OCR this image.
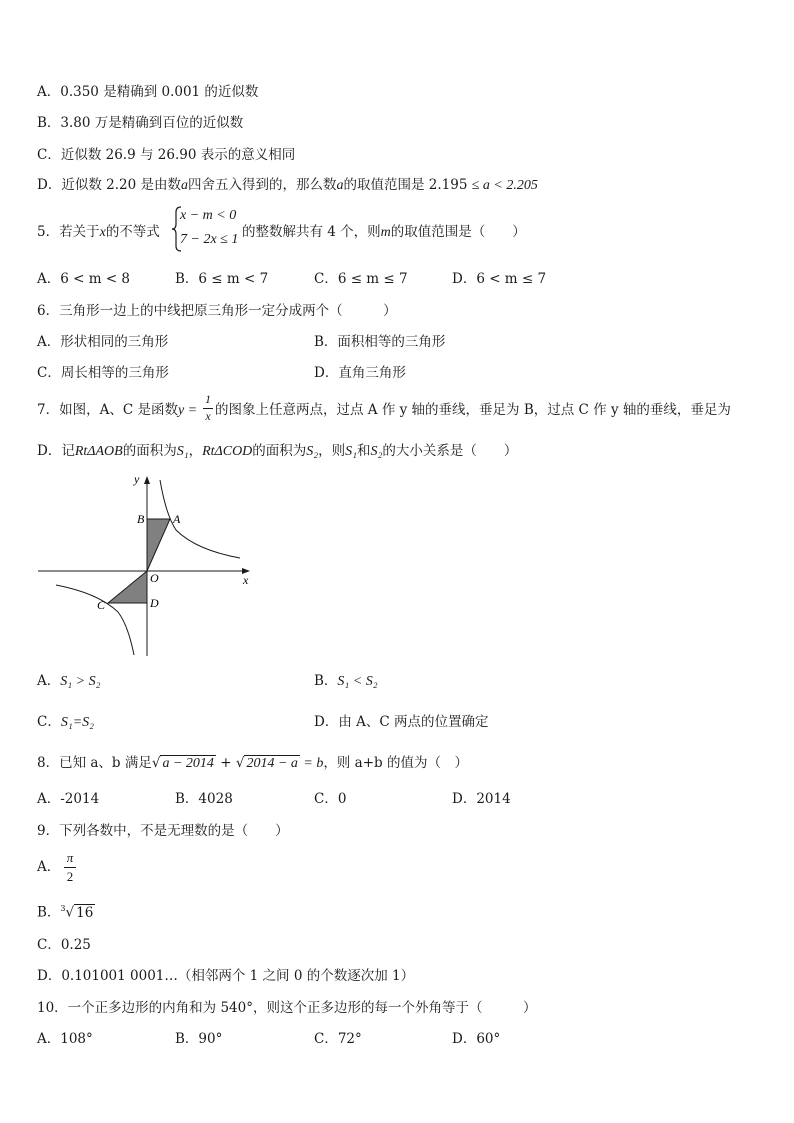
A．0.350 是精确到 0.001 的近似数
B．3.80 万是精确到百位的近似数
C．近似数 26.9 与 26.90 表示的意义相同
D．近似数 2.20 是由数a四舍五入得到的，那么数a的取值范围是 2.195 ≤ a < 2.205
5．若关于x的不等式
x − m < 0
7 − 2x ≤ 1 的整数解共有 4 个，则m的取值范围是（　　）
A．6 < m < 8	B．6 ≤ m < 7	C．6 ≤ m ≤ 7	D．6 < m ≤ 7
6．三角形一边上的中线把原三角形一定分成两个（　　　）
A．形状相同的三角形	B．面积相等的三角形
C．周长相等的三角形	D．直角三角形
7．如图，A、C 是函数y =
1
x 的图象上任意两点，过点 A 作 y 轴的垂线，垂足为 B，过点 C 作 y 轴的垂线，垂足为
D．记RtΔAOB的面积为S₁，RtΔCOD的面积为S₂，则S₁和S₂的大小关系是（　　）
y
x
O
A
B
C	D
A．S₁ > S₂	B．S₁ < S₂
C．S₁=S₂	D．由 A、C 两点的位置确定
8．已知 a、b 满足√ a − 2014 + √ 2014 − a = b，则 a+b 的值为（　）
A．-2014	B．4028	C．0	D．2014
9．下列各数中，不是无理数的是（　　）
A．
π
2
B．$^3$√ 16
C．0.25
D．0.101001 0001…（相邻两个 1 之间 0 的个数逐次加 1）
10．一个正多边形的内角和为 540°，则这个正多边形的每一个外角等于（　　　）
A．108°	B．90°	C．72°	D．60°
